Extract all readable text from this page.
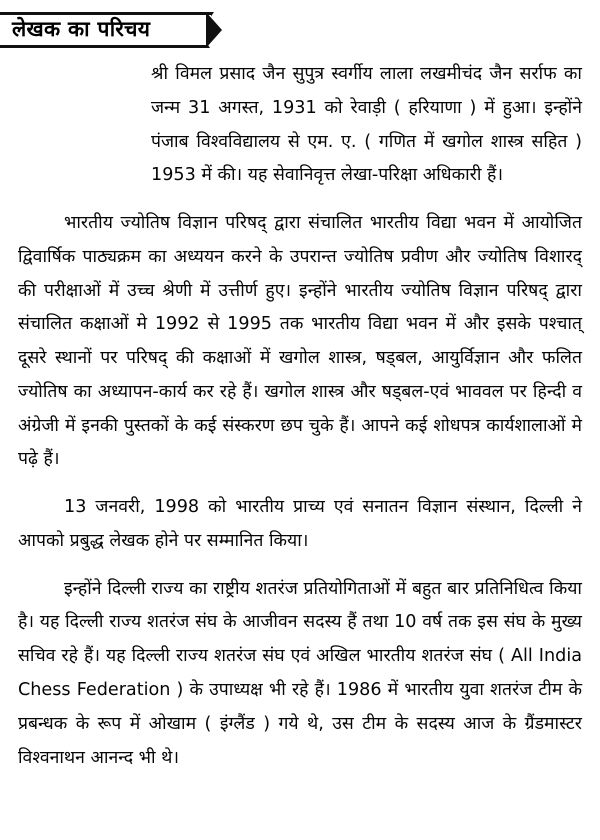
लेखक का परिचय

श्री विमल प्रसाद जैन सुपुत्र स्वर्गीय लाला लखमीचंद जैन सर्राफ का जन्म 31 अगस्त, 1931 को रेवाड़ी ( हरियाणा ) में हुआ। इन्होंने पंजाब विश्वविद्यालय से एम. ए. ( गणित में खगोल शास्त्र सहित ) 1953 में की। यह सेवानिवृत्त लेखा-परिक्षा अधिकारी हैं।

भारतीय ज्योतिष विज्ञान परिषद् द्वारा संचालित भारतीय विद्या भवन में आयोजित द्विवार्षिक पाठ्यक्रम का अध्ययन करने के उपरान्त ज्योतिष प्रवीण और ज्योतिष विशारद् की परीक्षाओं में उच्च श्रेणी में उत्तीर्ण हुए। इन्होंने भारतीय ज्योतिष विज्ञान परिषद् द्वारा संचालित कक्षाओं मे 1992 से 1995 तक भारतीय विद्या भवन में और इसके पश्चात् दूसरे स्थानों पर परिषद् की कक्षाओं में खगोल शास्त्र, षड्बल, आयुर्विज्ञान और फलित ज्योतिष का अध्यापन-कार्य कर रहे हैं। खगोल शास्त्र और षड्बल-एवं भाववल पर हिन्दी व अंग्रेजी में इनकी पुस्तकों के कई संस्करण छप चुके हैं। आपने कई शोधपत्र कार्यशालाओं मे पढ़े हैं।

13 जनवरी, 1998 को भारतीय प्राच्य एवं सनातन विज्ञान संस्थान, दिल्ली ने आपको प्रबुद्ध लेखक होने पर सम्मानित किया।

इन्होंने दिल्ली राज्य का राष्ट्रीय शतरंज प्रतियोगिताओं में बहुत बार प्रतिनिधित्व किया है। यह दिल्ली राज्य शतरंज संघ के आजीवन सदस्य हैं तथा 10 वर्ष तक इस संघ के मुख्य सचिव रहे हैं। यह दिल्ली राज्य शतरंज संघ एवं अखिल भारतीय शतरंज संघ ( All India Chess Federation ) के उपाध्यक्ष भी रहे हैं। 1986 में भारतीय युवा शतरंज टीम के प्रबन्धक के रूप में ओखाम ( इंग्लैंड ) गये थे, उस टीम के सदस्य आज के ग्रैंडमास्टर विश्वनाथन आनन्द भी थे।
